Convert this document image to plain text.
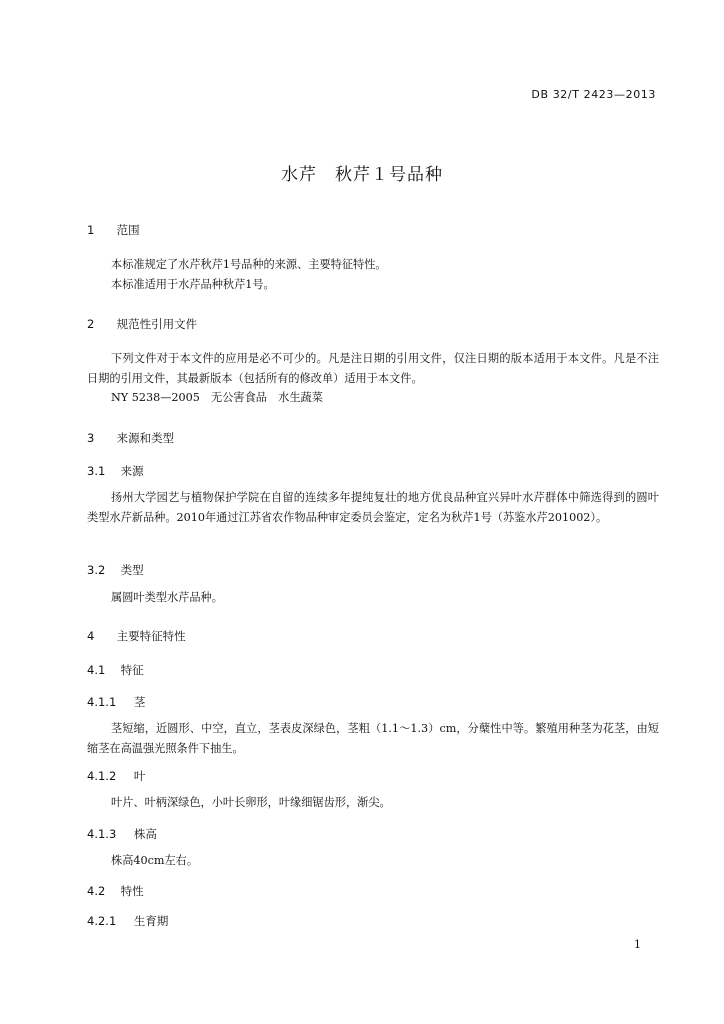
DB 32/T 2423—2013
水芹　秋芹１号品种
1 范围
本标准规定了水芹秋芹1号品种的来源、主要特征特性。
本标准适用于水芹品种秋芹1号。
2 规范性引用文件
下列文件对于本文件的应用是必不可少的。凡是注日期的引用文件，仅注日期的版本适用于本文件。凡是不注日期的引用文件，其最新版本（包括所有的修改单）适用于本文件。
NY 5238—2005　无公害食品　水生蔬菜
3 来源和类型
3.1 来源
扬州大学园艺与植物保护学院在自留的连续多年提纯复壮的地方优良品种宜兴异叶水芹群体中筛选得到的圆叶类型水芹新品种。2010年通过江苏省农作物品种审定委员会鉴定，定名为秋芹1号（苏鉴水芹201002）。
3.2 类型
属圆叶类型水芹品种。
4 主要特征特性
4.1 特征
4.1.1 茎
茎短缩，近圆形、中空，直立，茎表皮深绿色，茎粗（1.1～1.3）cm，分蘖性中等。繁殖用种茎为花茎，由短缩茎在高温强光照条件下抽生。
4.1.2 叶
叶片、叶柄深绿色，小叶长卵形，叶缘细锯齿形，渐尖。
4.1.3 株高
株高40cm左右。
4.2 特性
4.2.1 生育期
1
